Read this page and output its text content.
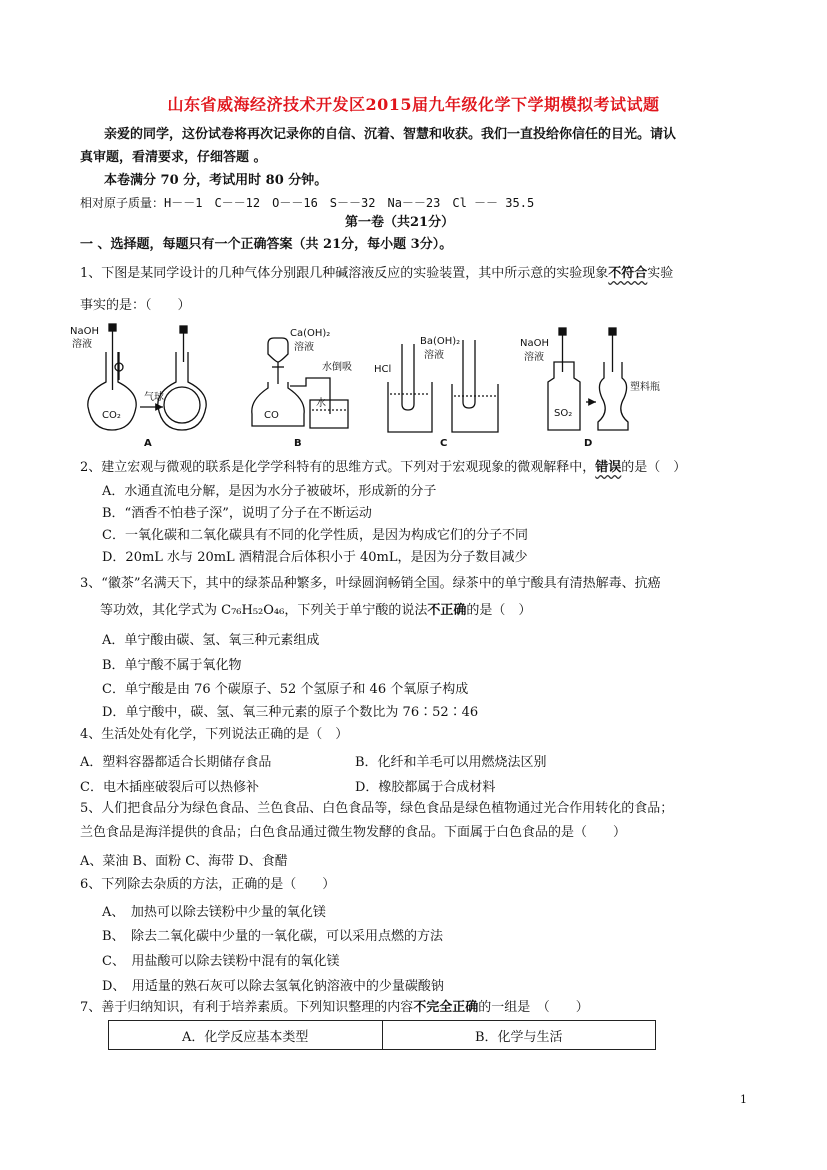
山东省威海经济技术开发区2015届九年级化学下学期模拟考试试题
亲爱的同学，这份试卷将再次记录你的自信、沉着、智慧和收获。我们一直投给你信任的目光。请认
真审题，看清要求，仔细答题 。
本卷满分 70 分，考试用时 80 分钟。
相对原子质量：H－－1　C－－12　O－－16　S－－32　Na－－23　Cl －－ 35.5
第一卷（共21分）
一 、选择题，每题只有一个正确答案（共 21分，每小题 3分）。
1、下图是某同学设计的几种气体分别跟几种碱溶液反应的实验装置，其中所示意的实验现象不符合实验
事实的是：（　　）
NaOH
溶液
气球
CO₂
A
Ca(OH)₂
溶液
水倒吸
水
CO
B
HCl
Ba(OH)₂
溶液
C
NaOH
溶液
塑料瓶
SO₂
D
2、建立宏观与微观的联系是化学学科特有的思维方式。下列对于宏观现象的微观解释中，错误的是（　）
A．水通直流电分解，是因为水分子被破坏，形成新的分子
B．“酒香不怕巷子深”，说明了分子在不断运动
C．一氧化碳和二氧化碳具有不同的化学性质，是因为构成它们的分子不同
D．20mL 水与 20mL 酒精混合后体积小于 40mL，是因为分子数目减少
3、“徽茶”名满天下，其中的绿茶品种繁多，叶绿圆润畅销全国。绿茶中的单宁酸具有清热解毒、抗癌
等功效，其化学式为 C₇₆H₅₂O₄₆，下列关于单宁酸的说法不正确的是（　）
A．单宁酸由碳、氢、氧三种元素组成
B．单宁酸不属于氧化物
C．单宁酸是由 76 个碳原子、52 个氢原子和 46 个氧原子构成
D．单宁酸中，碳、氢、氧三种元素的原子个数比为 76∶52∶46
4、生活处处有化学，下列说法正确的是（　）
A．塑料容器都适合长期储存食品	B．化纤和羊毛可以用燃烧法区别
C．电木插座破裂后可以热修补	D．橡胶都属于合成材料
5、人们把食品分为绿色食品、兰色食品、白色食品等，绿色食品是绿色植物通过光合作用转化的食品；
兰色食品是海洋提供的食品；白色食品通过微生物发酵的食品。下面属于白色食品的是（　　）
A、菜油 B、面粉 C、海带 D、食醋
6、下列除去杂质的方法，正确的是（　　）
A、　加热可以除去镁粉中少量的氧化镁
B、　除去二氧化碳中少量的一氧化碳，可以采用点燃的方法
C、　用盐酸可以除去镁粉中混有的氧化镁
D、　用适量的熟石灰可以除去氢氧化钠溶液中的少量碳酸钠
7、善于归纳知识，有利于培养素质。下列知识整理的内容不完全正确的一组是　（　　）
A．化学反应基本类型	B．化学与生活
1
